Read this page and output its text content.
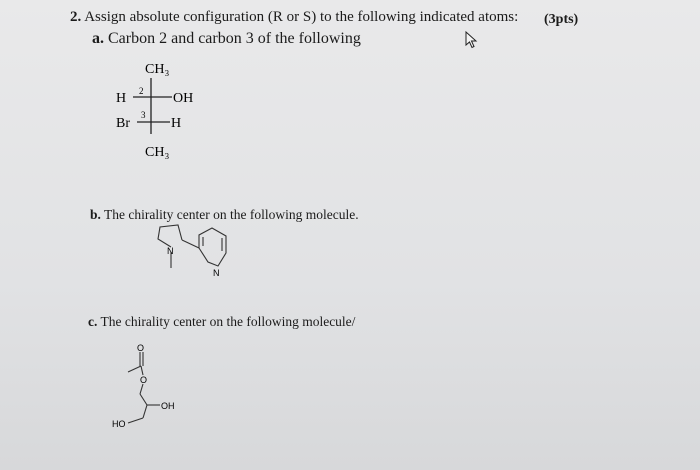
2. Assign absolute configuration (R or S) to the following indicated atoms: (3pts)
a. Carbon 2 and carbon 3 of the following
b. The chirality center on the following molecule.
c. The chirality center on the following molecule/
CH₃
H 2 OH
Br
3
H
CH₃
N
N
O
O
OH
HO
